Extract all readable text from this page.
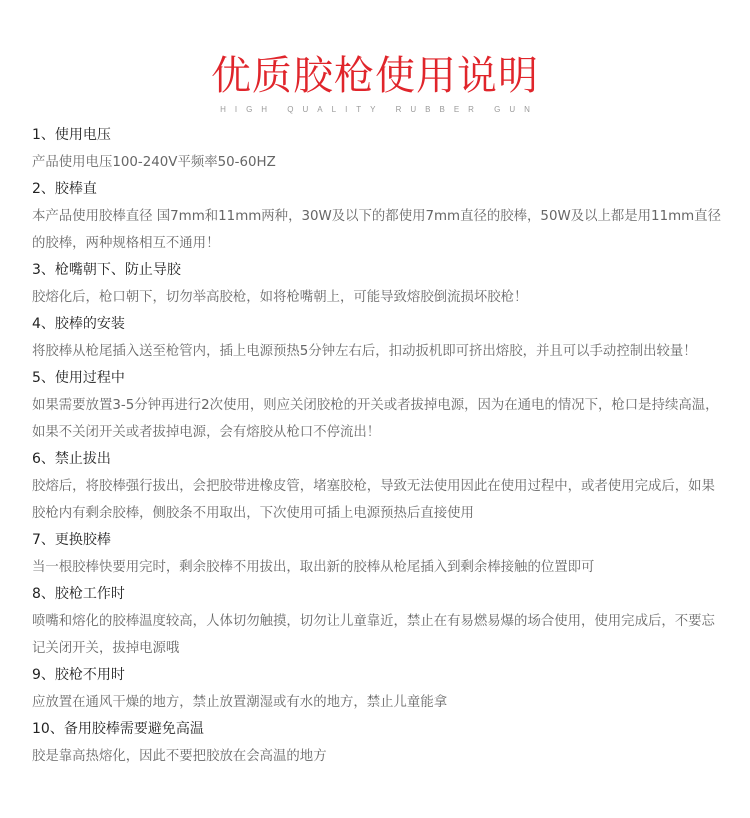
优质胶枪使用说明
HIGH QUALITY RUBBER GUN
1、使用电压
产品使用电压100-240V平频率50-60HZ
2、胶棒直
本产品使用胶棒直径 国7mm和11mm两种，30W及以下的都使用7mm直径的胶棒，50W及以上都是用11mm直径的胶棒，两种规格相互不通用！
3、枪嘴朝下、防止导胶
胶熔化后，枪口朝下，切勿举高胶枪，如将枪嘴朝上，可能导致熔胶倒流损坏胶枪！
4、胶棒的安装
将胶棒从枪尾插入送至枪管内，插上电源预热5分钟左右后，扣动扳机即可挤出熔胶，并且可以手动控制出较量！
5、使用过程中
如果需要放置3-5分钟再进行2次使用，则应关闭胶枪的开关或者拔掉电源，因为在通电的情况下，枪口是持续高温，如果不关闭开关或者拔掉电源，会有熔胶从枪口不停流出！
6、禁止拔出
胶熔后，将胶棒强行拔出，会把胶带进橡皮管，堵塞胶枪，导致无法使用因此在使用过程中，或者使用完成后，如果胶枪内有剩余胶棒，侧胶条不用取出，下次使用可插上电源预热后直接使用
7、更换胶棒
当一根胶棒快要用完时，剩余胶棒不用拔出，取出新的胶棒从枪尾插入到剩余棒接触的位置即可
8、胶枪工作时
喷嘴和熔化的胶棒温度较高，人体切勿触摸，切勿让儿童靠近，禁止在有易燃易爆的场合使用，使用完成后，不要忘记关闭开关，拔掉电源哦
9、胶枪不用时
应放置在通风干燥的地方，禁止放置潮湿或有水的地方，禁止儿童能拿
10、备用胶棒需要避免高温
胶是靠高热熔化，因此不要把胶放在会高温的地方
